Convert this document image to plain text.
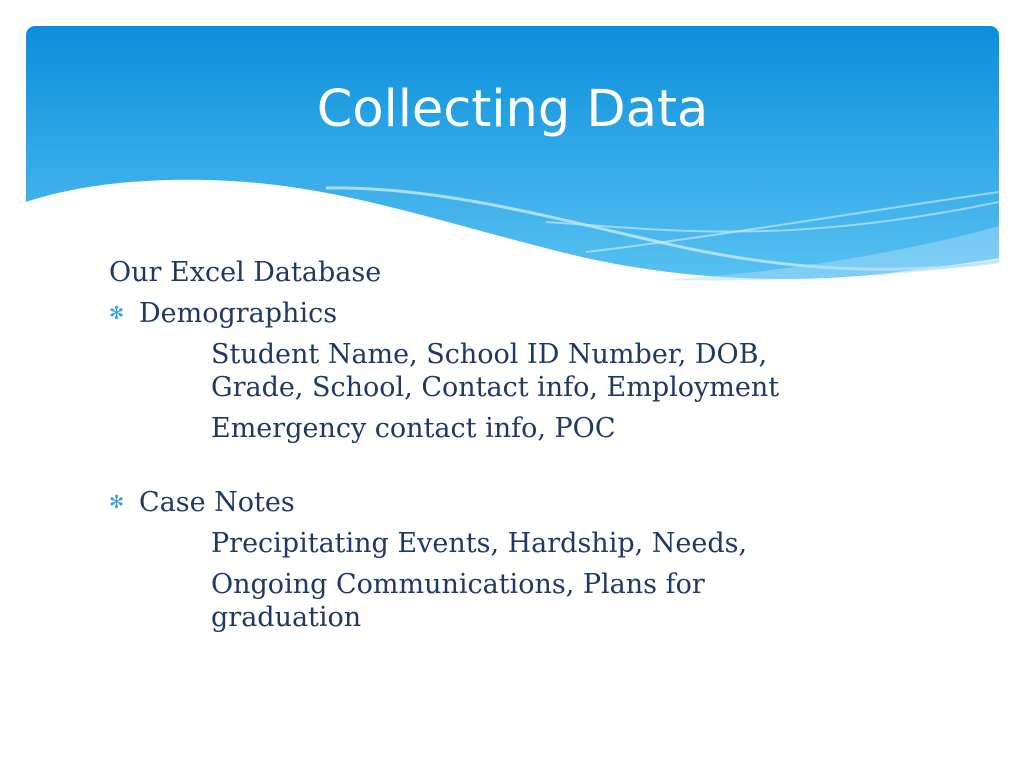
Collecting Data
Our Excel Database
✻ Demographics
Student Name, School ID Number, DOB,
Grade, School, Contact info, Employment
Emergency contact info, POC
✻ Case Notes
Precipitating Events, Hardship, Needs,
Ongoing Communications, Plans for
graduation
